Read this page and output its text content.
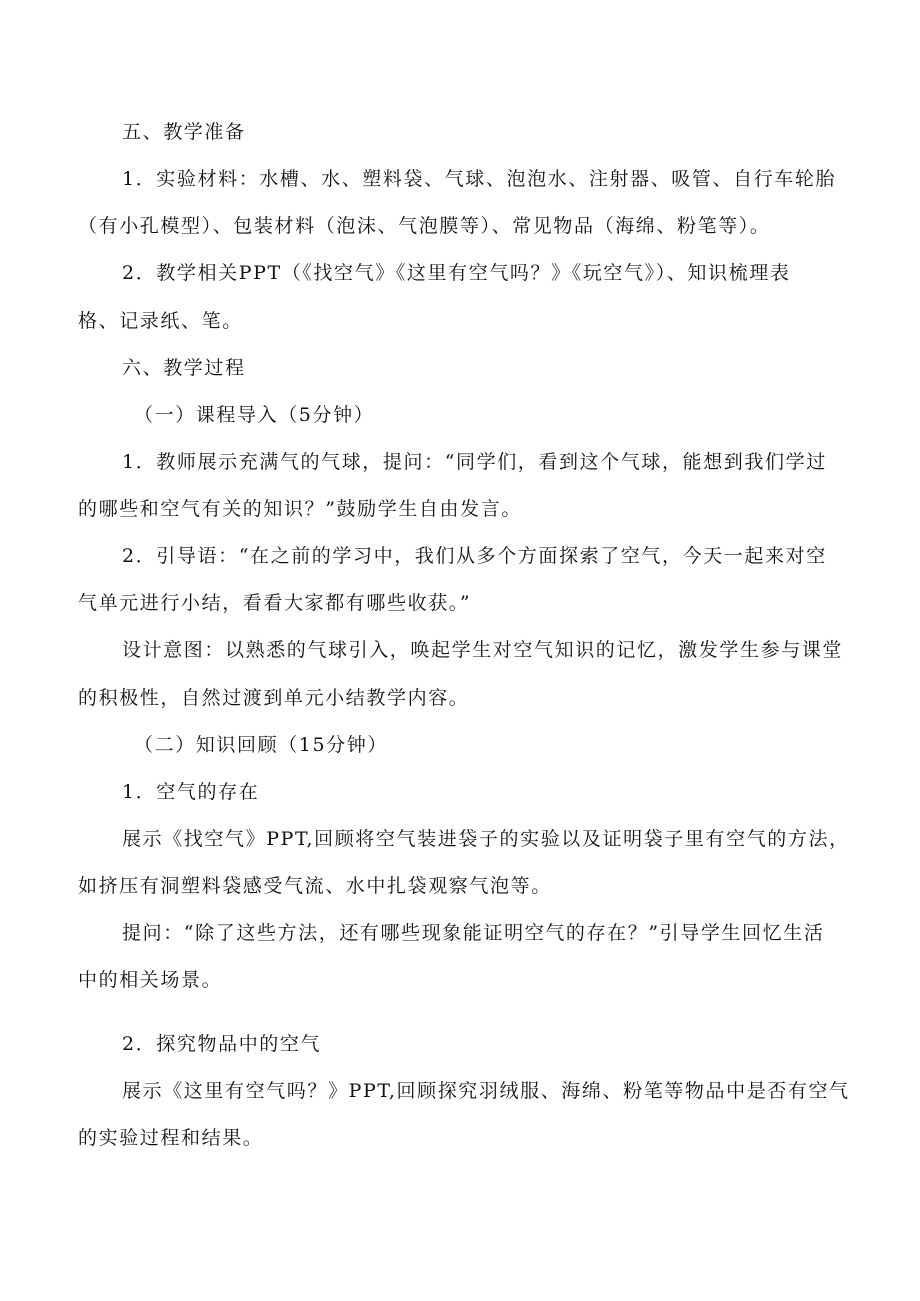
五、教学准备
1．实验材料：水槽、水、塑料袋、气球、泡泡水、注射器、吸管、自行车轮胎
（有小孔模型）、包装材料（泡沫、气泡膜等）、常见物品（海绵、粉笔等）。
2．教学相关PPT（《找空气》《这里有空气吗？》《玩空气》）、知识梳理表
格、记录纸、笔。
六、教学过程
（一）课程导入（5分钟）
1．教师展示充满气的气球，提问：“同学们，看到这个气球，能想到我们学过
的哪些和空气有关的知识？”鼓励学生自由发言。
2．引导语：“在之前的学习中，我们从多个方面探索了空气，今天一起来对空
气单元进行小结，看看大家都有哪些收获。”
设计意图：以熟悉的气球引入，唤起学生对空气知识的记忆，激发学生参与课堂
的积极性，自然过渡到单元小结教学内容。
（二）知识回顾（15分钟）
1．空气的存在
展示《找空气》PPT,回顾将空气装进袋子的实验以及证明袋子里有空气的方法，
如挤压有洞塑料袋感受气流、水中扎袋观察气泡等。
提问：“除了这些方法，还有哪些现象能证明空气的存在？”引导学生回忆生活
中的相关场景。
2．探究物品中的空气
展示《这里有空气吗？》PPT,回顾探究羽绒服、海绵、粉笔等物品中是否有空气
的实验过程和结果。
